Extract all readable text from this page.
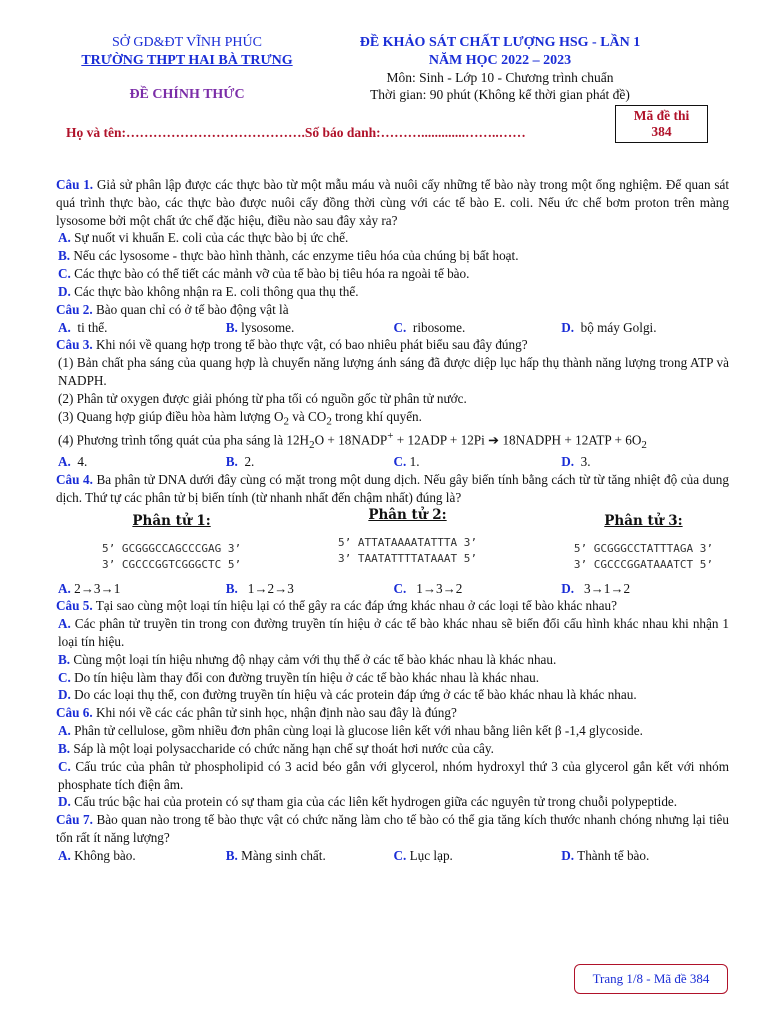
SỞ GD&ĐT VĨNH PHÚC
TRƯỜNG THPT HAI BÀ TRƯNG
ĐỀ CHÍNH THỨC
ĐỀ KHẢO SÁT CHẤT LƯỢNG HSG - LẦN 1
NĂM HỌC 2022 – 2023
Môn: Sinh - Lớp 10 - Chương trình chuẩn
Thời gian: 90 phút (Không kể thời gian phát đề)
Họ và tên:………………………………….Số báo danh:……….............……..……
Mã đề thi
384
Câu 1. Giả sử phân lập được các thực bào từ một mẫu máu và nuôi cấy những tế bào này trong một ống nghiệm. Để quan sát quá trình thực bào, các thực bào được nuôi cấy đồng thời cùng với các tế bào E. coli. Nếu ức chế bơm proton trên màng lysosome bởi một chất ức chế đặc hiệu, điều nào sau đây xảy ra?
A. Sự nuốt vi khuẩn E. coli của các thực bào bị ức chế.
B. Nếu các lysosome - thực bào hình thành, các enzyme tiêu hóa của chúng bị bất hoạt.
C. Các thực bào có thể tiết các mảnh vỡ của tế bào bị tiêu hóa ra ngoài tế bào.
D. Các thực bào không nhận ra E. coli thông qua thụ thể.
Câu 2. Bào quan chỉ có ở tế bào động vật là
A. ti thể.	B. lysosome.	C. ribosome.	D. bộ máy Golgi.
Câu 3. Khi nói về quang hợp trong tế bào thực vật, có bao nhiêu phát biểu sau đây đúng?
(1) Bản chất pha sáng của quang hợp là chuyển năng lượng ánh sáng đã được diệp lục hấp thụ thành năng lượng trong ATP và NADPH.
(2) Phân tử oxygen được giải phóng từ pha tối có nguồn gốc từ phân tử nước.
(3) Quang hợp giúp điều hòa hàm lượng $O_2$ và $CO_2$ trong khí quyển.
(4) Phương trình tổng quát của pha sáng là $12H_2O$ + 18NADP+ + 12ADP + 12Pi ➔ 18NADPH + $12ATP + 6O_2$
A. 4.	B. 2.	C. 1.	D. 3.
Câu 4. Ba phân tử DNA dưới đây cùng có mặt trong một dung dịch. Nếu gây biến tính bằng cách từ từ tăng nhiệt độ của dung dịch. Thứ tự các phân tử bị biến tính (từ nhanh nhất đến chậm nhất) đúng là?
Phân tử 1:
5’ GCGGGCCAGCCCGAG 3’
3’ CGCCCGGTCGGGCTC 5’
Phân tử 2:
5’ ATTATAAAATATTTA 3’
3’ TAATATTTTATAAAT 5’
Phân tử 3:
5’ GCGGGCCTATTTAGA 3’
3’ CGCCCGGATAAATCT 5’
A. 2→3→1	B. 1→2→3	C. 1→3→2	D. 3→1→2
Câu 5. Tại sao cùng một loại tín hiệu lại có thể gây ra các đáp ứng khác nhau ở các loại tế bào khác nhau?
A. Các phân tử truyền tin trong con đường truyền tín hiệu ở các tế bào khác nhau sẽ biến đổi cấu hình khác nhau khi nhận 1 loại tín hiệu.
B. Cùng một loại tín hiệu nhưng độ nhạy cảm với thụ thể ở các tế bào khác nhau là khác nhau.
C. Do tín hiệu làm thay đổi con đường truyền tín hiệu ở các tế bào khác nhau là khác nhau.
D. Do các loại thụ thể, con đường truyền tín hiệu và các protein đáp ứng ở các tế bào khác nhau là khác nhau.
Câu 6. Khi nói về các các phân tử sinh học, nhận định nào sau đây là đúng?
A. Phân tử cellulose, gồm nhiều đơn phân cùng loại là glucose liên kết với nhau bằng liên kết β -1,4 glycoside.
B. Sáp là một loại polysaccharide có chức năng hạn chế sự thoát hơi nước của cây.
C. Cấu trúc của phân tử phospholipid có 3 acid béo gắn với glycerol, nhóm hydroxyl thứ 3 của glycerol gắn kết với nhóm phosphate tích điện âm.
D. Cấu trúc bậc hai của protein có sự tham gia của các liên kết hydrogen giữa các nguyên tử trong chuỗi polypeptide.
Câu 7. Bào quan nào trong tế bào thực vật có chức năng làm cho tế bào có thể gia tăng kích thước nhanh chóng nhưng lại tiêu tốn rất ít năng lượng?
A. Không bào.	B. Màng sinh chất.	C. Lục lạp.	D. Thành tế bào.
Trang 1/8 - Mã đề 384
